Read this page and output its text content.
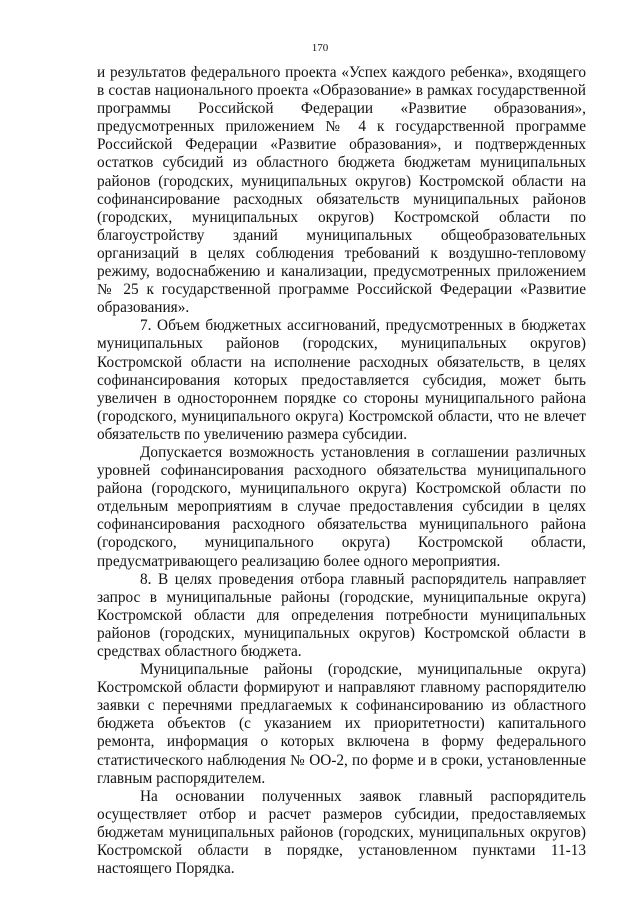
170

и результатов федерального проекта «Успех каждого ребенка», входящего в состав национального проекта «Образование» в рамках государственной программы Российской Федерации «Развитие образования», предусмотренных приложением № 4 к государственной программе Российской Федерации «Развитие образования», и подтвержденных остатков субсидий из областного бюджета бюджетам муниципальных районов (городских, муниципальных округов) Костромской области на софинансирование расходных обязательств муниципальных районов (городских, муниципальных округов) Костромской области по благоустройству зданий муниципальных общеобразовательных организаций в целях соблюдения требований к воздушно-тепловому режиму, водоснабжению и канализации, предусмотренных приложением № 25 к государственной программе Российской Федерации «Развитие образования».

7. Объем бюджетных ассигнований, предусмотренных в бюджетах муниципальных районов (городских, муниципальных округов) Костромской области на исполнение расходных обязательств, в целях софинансирования которых предоставляется субсидия, может быть увеличен в одностороннем порядке со стороны муниципального района (городского, муниципального округа) Костромской области, что не влечет обязательств по увеличению размера субсидии.

Допускается возможность установления в соглашении различных уровней софинансирования расходного обязательства муниципального района (городского, муниципального округа) Костромской области по отдельным мероприятиям в случае предоставления субсидии в целях софинансирования расходного обязательства муниципального района (городского, муниципального округа) Костромской области, предусматривающего реализацию более одного мероприятия.

8. В целях проведения отбора главный распорядитель направляет запрос в муниципальные районы (городские, муниципальные округа) Костромской области для определения потребности муниципальных районов (городских, муниципальных округов) Костромской области в средствах областного бюджета.

Муниципальные районы (городские, муниципальные округа) Костромской области формируют и направляют главному распорядителю заявки с перечнями предлагаемых к софинансированию из областного бюджета объектов (с указанием их приоритетности) капитального ремонта, информация о которых включена в форму федерального статистического наблюдения № ОО-2, по форме и в сроки, установленные главным распорядителем.

На основании полученных заявок главный распорядитель осуществляет отбор и расчет размеров субсидии, предоставляемых бюджетам муниципальных районов (городских, муниципальных округов) Костромской области в порядке, установленном пунктами 11-13 настоящего Порядка.
